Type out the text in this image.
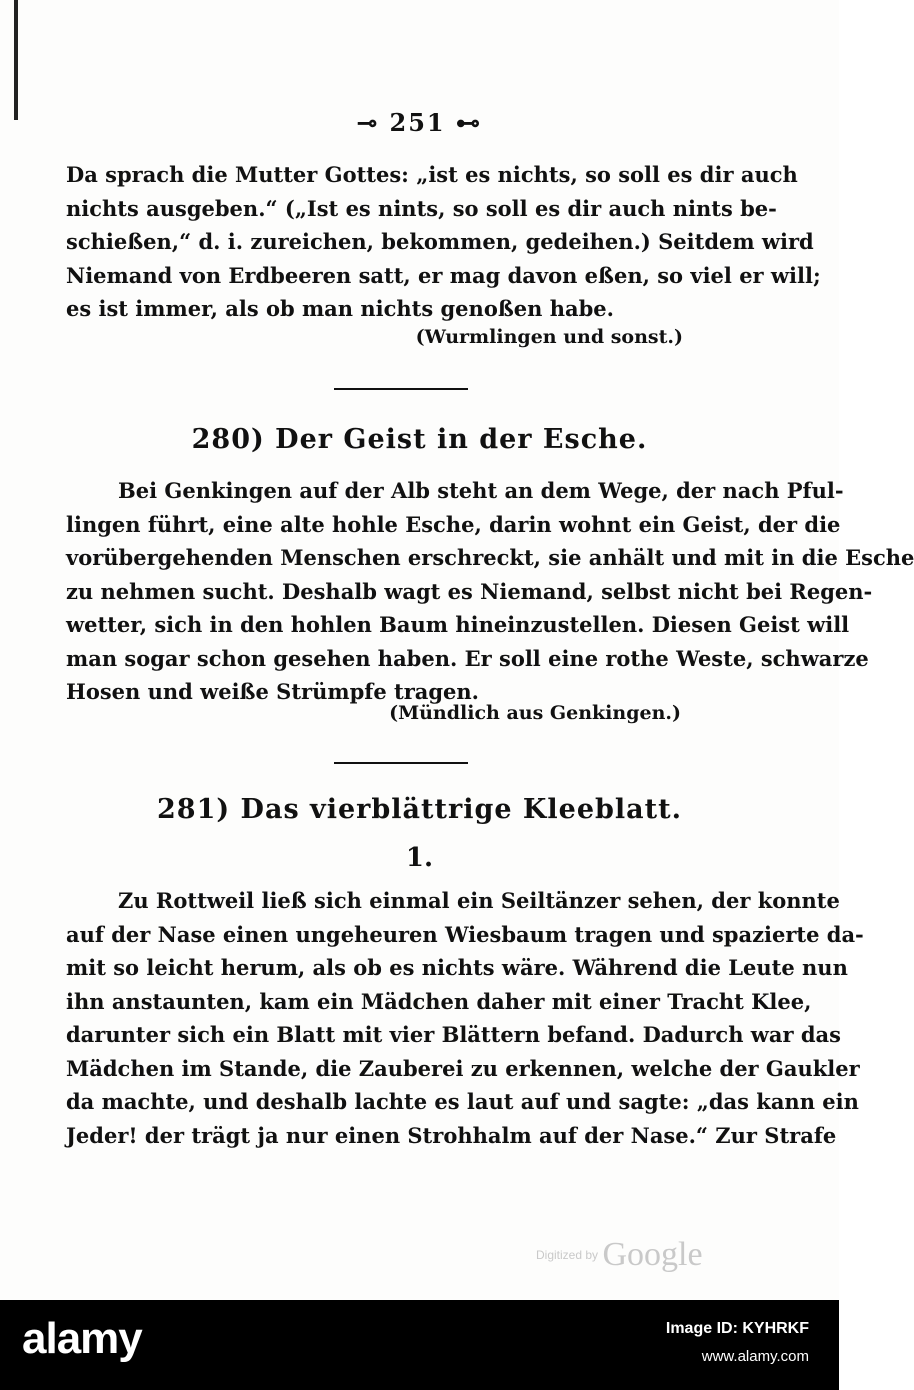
⊸ 251 ⊷
Da sprach die Mutter Gottes: „ist es nichts, so soll es dir auch
nichts ausgeben.“ („Ist es nints, so soll es dir auch nints be-
schießen,“ d. i. zureichen, bekommen, gedeihen.) Seitdem wird
Niemand von Erdbeeren satt, er mag davon eßen, so viel er will;
es ist immer, als ob man nichts genoßen habe.
(Wurmlingen und sonst.)
280) Der Geist in der Esche.
Bei Genkingen auf der Alb steht an dem Wege, der nach Pful-
lingen führt, eine alte hohle Esche, darin wohnt ein Geist, der die
vorübergehenden Menschen erschreckt, sie anhält und mit in die Esche
zu nehmen sucht. Deshalb wagt es Niemand, selbst nicht bei Regen-
wetter, sich in den hohlen Baum hineinzustellen. Diesen Geist will
man sogar schon gesehen haben. Er soll eine rothe Weste, schwarze
Hosen und weiße Strümpfe tragen.
(Mündlich aus Genkingen.)
281) Das vierblättrige Kleeblatt.
1.
Zu Rottweil ließ sich einmal ein Seiltänzer sehen, der konnte
auf der Nase einen ungeheuren Wiesbaum tragen und spazierte da-
mit so leicht herum, als ob es nichts wäre. Während die Leute nun
ihn anstaunten, kam ein Mädchen daher mit einer Tracht Klee,
darunter sich ein Blatt mit vier Blättern befand. Dadurch war das
Mädchen im Stande, die Zauberei zu erkennen, welche der Gaukler
da machte, und deshalb lachte es laut auf und sagte: „das kann ein
Jeder! der trägt ja nur einen Strohhalm auf der Nase.“ Zur Strafe
Digitized by Google
alamy	Image ID: KYHRKF
www.alamy.com
